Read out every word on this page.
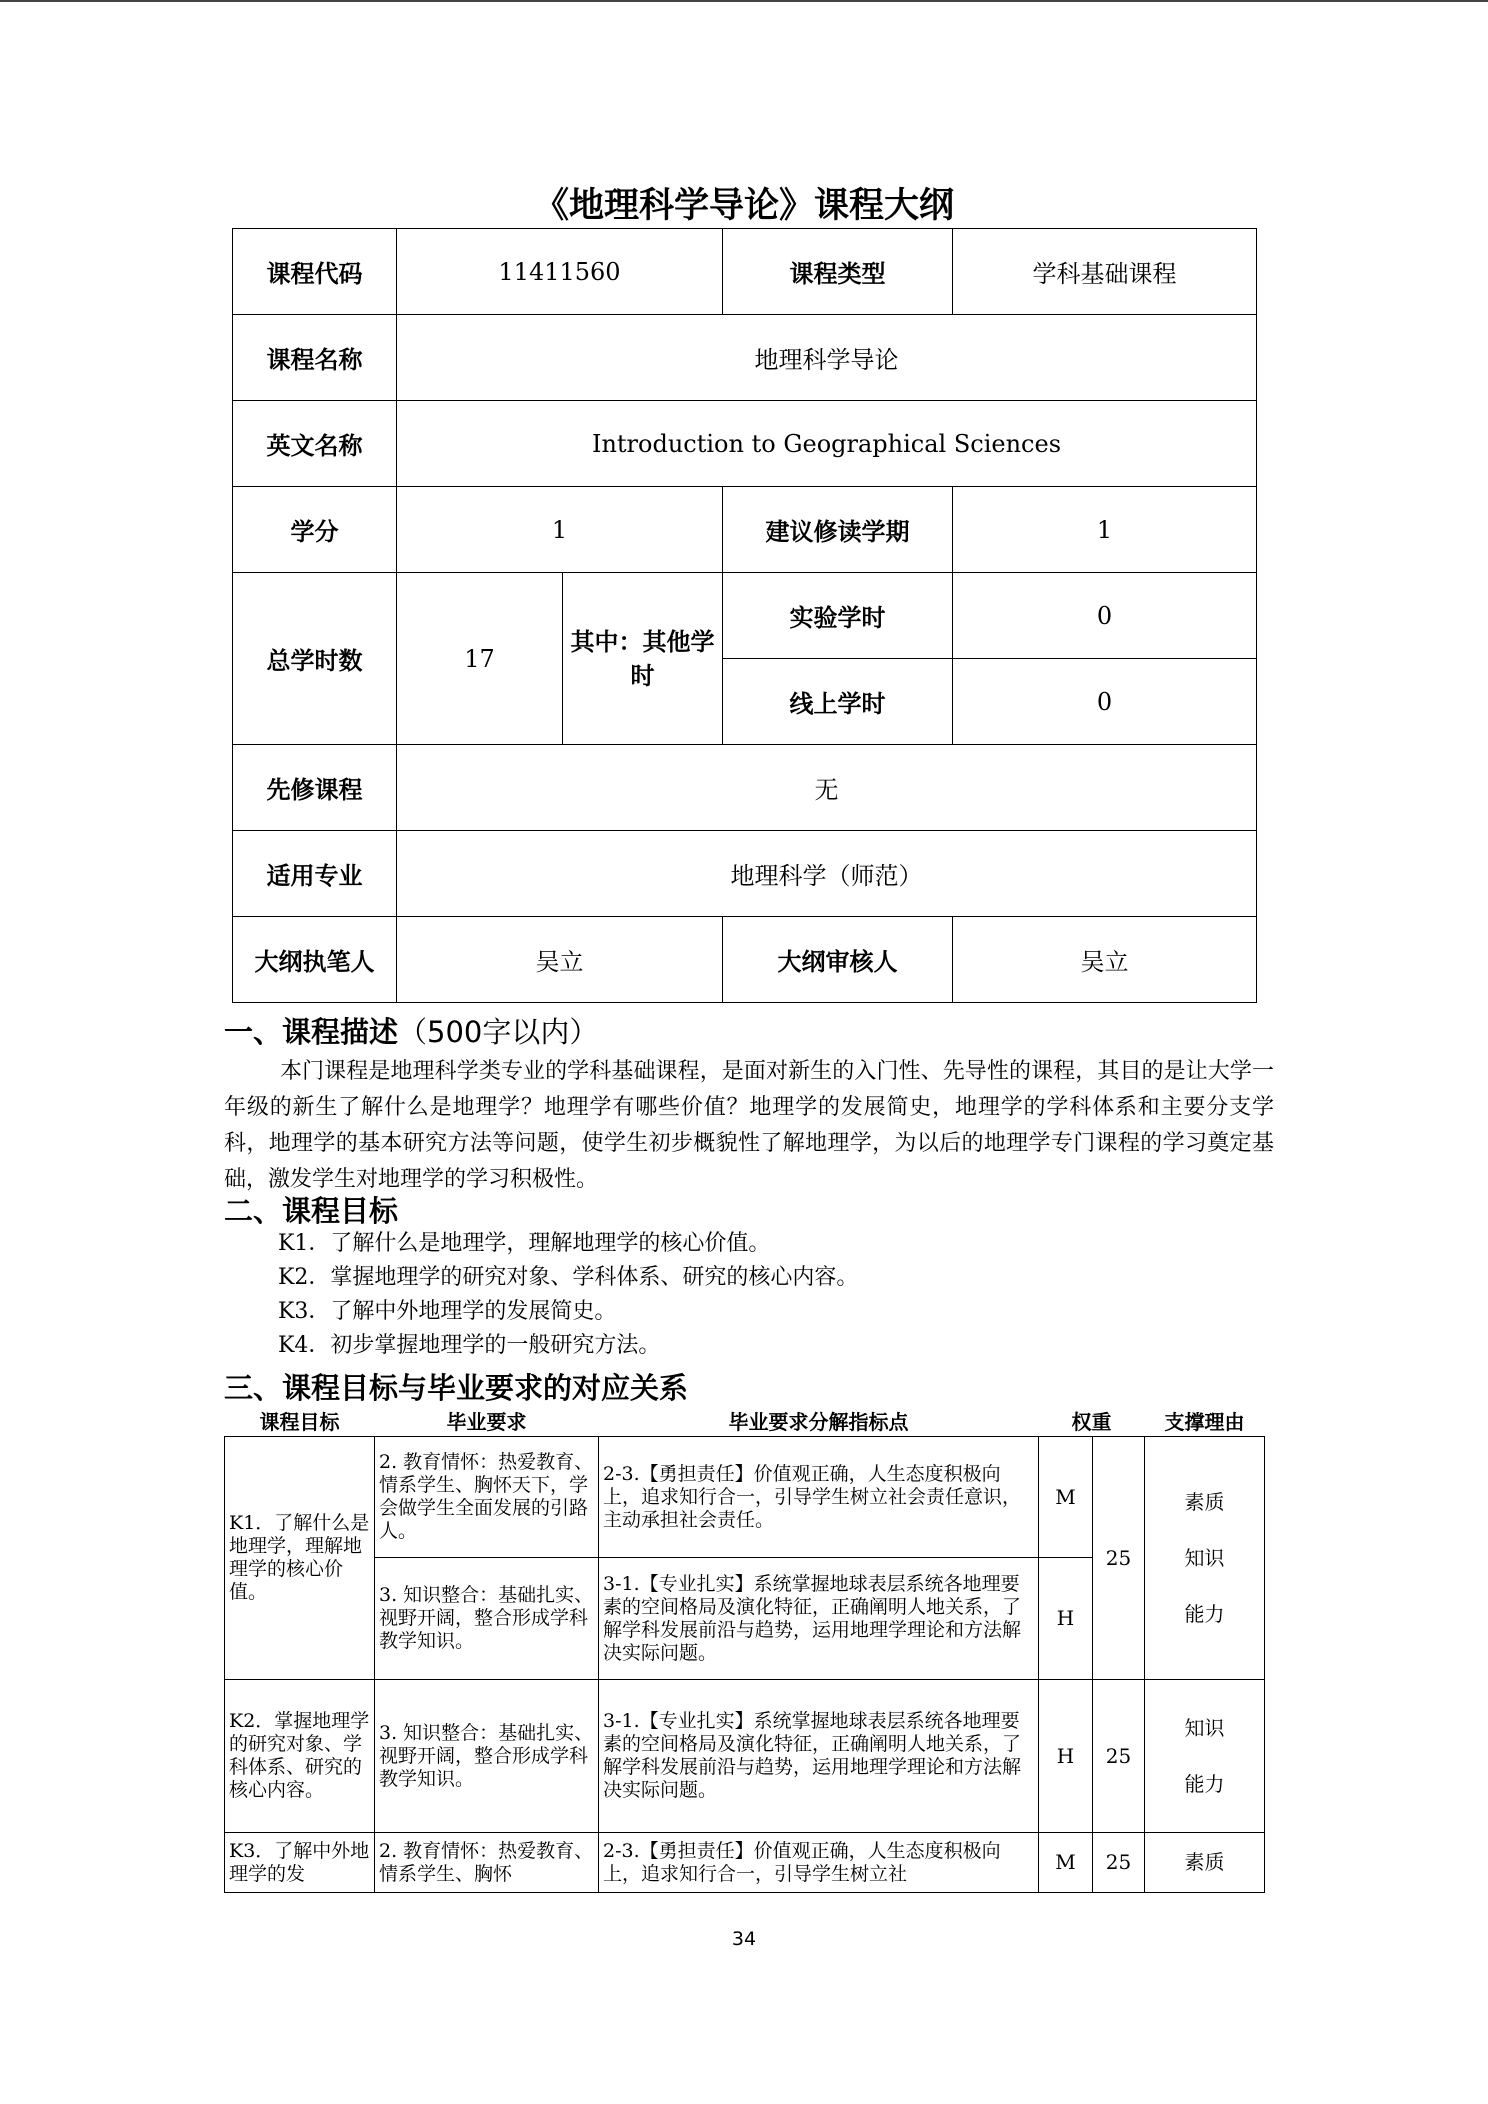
《地理科学导论》课程大纲
课程代码	11411560		课程类型	学科基础课程
课程名称	地理科学导论			
英文名称	Introduction to Geographical Sciences			
学分	1		建议修读学期	1
总学时数	17	其中：其他学时	实验学时	0
			线上学时	0
先修课程	无			
适用专业	地理科学（师范）			
大纲执笔人	吴立		大纲审核人	吴立
一、课程描述（500字以内）

本门课程是地理科学类专业的学科基础课程，是面对新生的入门性、先导性的课程，其目的是让大学一年级的新生了解什么是地理学？地理学有哪些价值？地理学的发展简史，地理学的学科体系和主要分支学科，地理学的基本研究方法等问题，使学生初步概貌性了解地理学，为以后的地理学专门课程的学习奠定基础，激发学生对地理学的学习积极性。

二、课程目标
K1．了解什么是地理学，理解地理学的核心价值。
K2．掌握地理学的研究对象、学科体系、研究的核心内容。
K3．了解中外地理学的发展简史。
K4．初步掌握地理学的一般研究方法。
三、课程目标与毕业要求的对应关系
课程目标	毕业要求	毕业要求分解指标点	权重		支撑理由
K1．了解什么是地理学，理解地理学的核心价值。	2. 教育情怀：热爱教育、情系学生、胸怀天下，学会做学生全面发展的引路人。	2-3.【勇担责任】价值观正确，人生态度积极向上，追求知行合一，引导学生树立社会责任意识，主动承担社会责任。	M	25	素质
知识
能力

	3. 知识整合：基础扎实、视野开阔，整合形成学科教学知识。	3-1.【专业扎实】系统掌握地球表层系统各地理要素的空间格局及演化特征，正确阐明人地关系，了解学科发展前沿与趋势，运用地理学理论和方法解决实际问题。	H		
K2．掌握地理学的研究对象、学科体系、研究的核心内容。	3. 知识整合：基础扎实、视野开阔，整合形成学科教学知识。	3-1.【专业扎实】系统掌握地球表层系统各地理要素的空间格局及演化特征，正确阐明人地关系，了解学科发展前沿与趋势，运用地理学理论和方法解决实际问题。	H	25	知识
能力

K3．了解中外地理学的发	2. 教育情怀：热爱教育、情系学生、胸怀	2-3.【勇担责任】价值观正确，人生态度积极向上，追求知行合一，引导学生树立社	M	25	素质
34
